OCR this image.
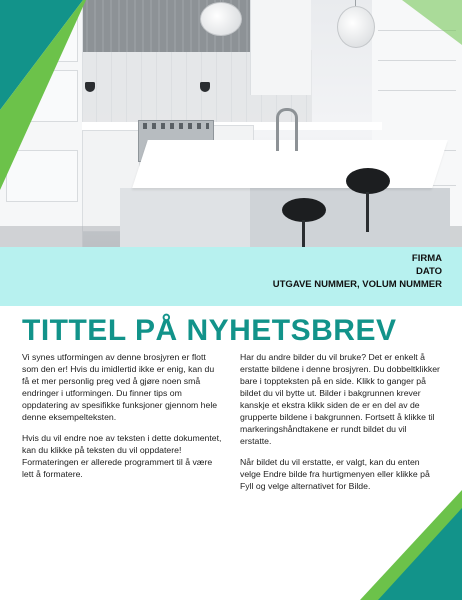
FIRMA
DATO
UTGAVE NUMMER, VOLUM NUMMER
TITTEL PÅ NYHETSBREV

Vi synes utformingen av denne brosjyren er flott som den er! Hvis du imidlertid ikke er enig, kan du få et mer personlig preg ved å gjøre noen små endringer i utformingen. Du finner tips om oppdatering av spesifikke funksjoner gjennom hele denne eksempelteksten.

Hvis du vil endre noe av teksten i dette dokumentet, kan du klikke på teksten du vil oppdatere! Formateringen er allerede programmert til å være lett å formatere.

Har du andre bilder du vil bruke? Det er enkelt å erstatte bildene i denne brosjyren. Du dobbeltklikker bare i toppteksten på en side. Klikk to ganger på bildet du vil bytte ut. Bilder i bakgrunnen krever kanskje et ekstra klikk siden de er en del av de grupperte bildene i bakgrunnen. Fortsett å klikke til markeringshåndtakene er rundt bildet du vil erstatte.

Når bildet du vil erstatte, er valgt, kan du enten velge Endre bilde fra hurtigmenyen eller klikke på Fyll og velge alternativet for Bilde.
